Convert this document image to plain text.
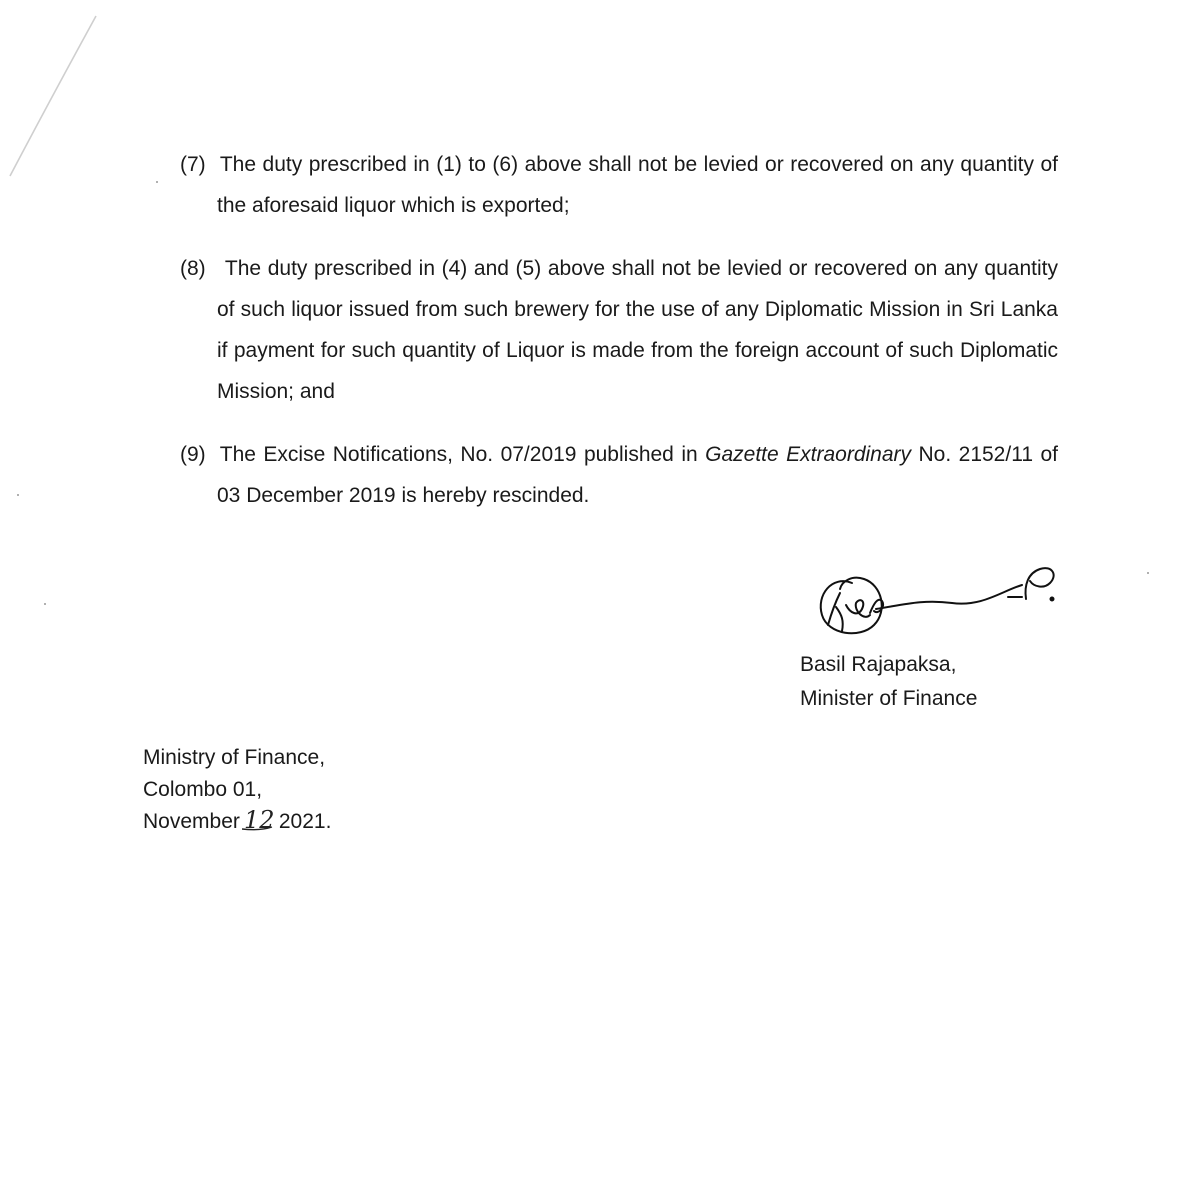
(7) The duty prescribed in (1) to (6) above shall not be levied or recovered on any quantity of the aforesaid liquor which is exported;
(8) The duty prescribed in (4) and (5) above shall not be levied or recovered on any quantity of such liquor issued from such brewery for the use of any Diplomatic Mission in Sri Lanka if payment for such quantity of Liquor is made from the foreign account of such Diplomatic Mission; and
(9) The Excise Notifications, No. 07/2019 published in Gazette Extraordinary No. 2152/11 of 03 December 2019 is hereby rescinded.
Basil Rajapaksa,
Minister of Finance
Ministry of Finance,
Colombo 01,
November 12 2021.
